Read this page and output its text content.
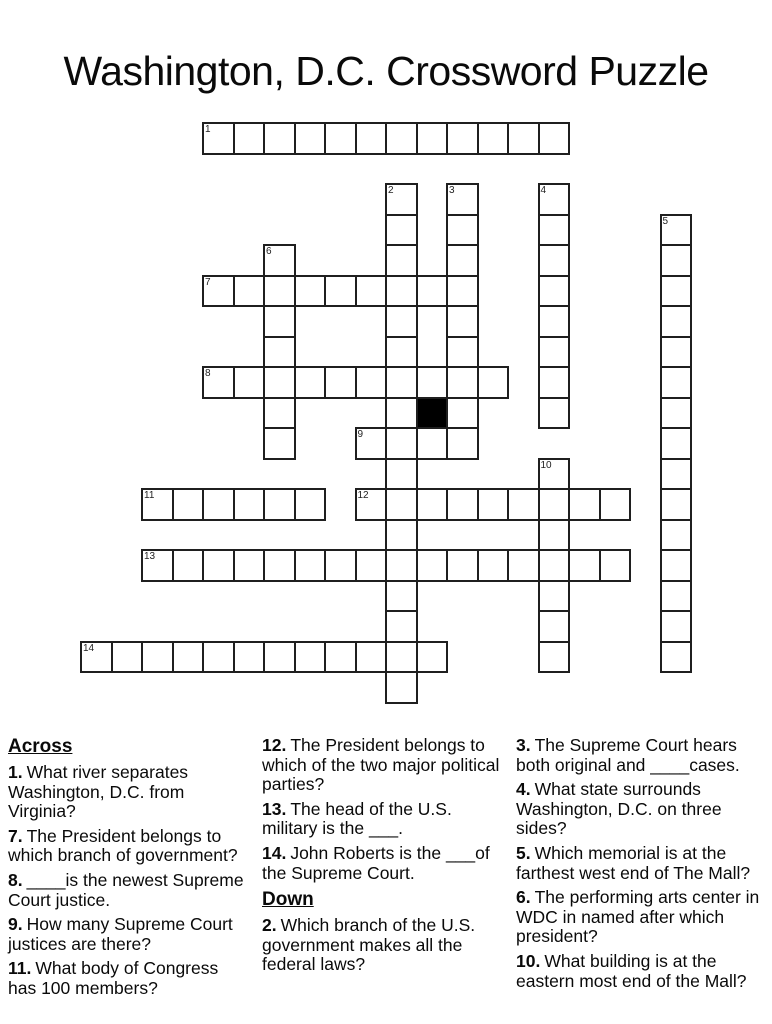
Washington, D.C. Crossword Puzzle
1
2	3	4
5
6
7
8
9
10
11	12
13
14
Across

1. What river separates Washington, D.C. from Virginia?

7. The President belongs to which branch of government?

8. ____is the newest Supreme Court justice.

9. How many Supreme Court justices are there?

11. What body of Congress has 100 members?

12. The President belongs to which of the two major political parties?

13. The head of the U.S. military is the ___.

14. John Roberts is the ___of the Supreme Court.

Down

2. Which branch of the U.S. government makes all the federal laws?

3. The Supreme Court hears both original and ____cases.

4. What state surrounds Washington, D.C. on three sides?

5. Which memorial is at the farthest west end of The Mall?

6. The performing arts center in WDC in named after which president?

10. What building is at the eastern most end of the Mall?
